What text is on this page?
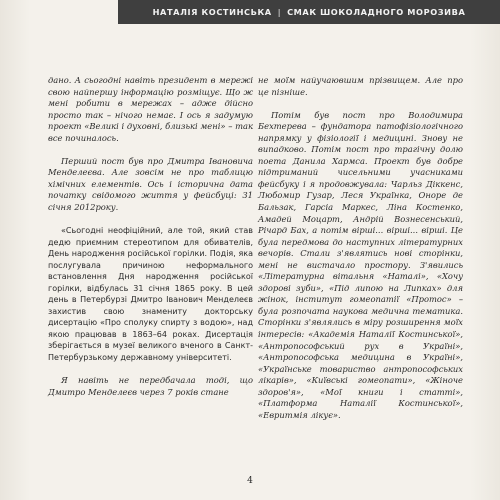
НАТАЛІЯ КОСТИНСЬКА | СМАК ШОКОЛАДНОГО МОРОЗИВА

дано. А сьогодні навіть президент в мережі свою найпершу інформацію розміщує. Що ж мені робити в мережах – адже дійсно просто так – нічого немає. І ось я задумую проект «Великі і духовні, близькі мені» – так все починалось.

Перший пост був про Дмитра Івановича Менделеєва. Але зовсім не про таблицю хімічних елементів. Ось і історична дата початку свідомого життя у фейсбуці: 31 січня 2012року.

«Сьогодні неофіційний, але той, який став дедю приємним стереотипом для обивателів, День народження російської горілки. Подія, яка послугувала причиною неформального встановлення Дня народження російської горілки, відбулась 31 січня 1865 року. В цей день в Петербурзі Дмитро Іванович Менделеєв захистив свою знамениту докторську дисертацію «Про сполуку спирту з водою», над якою працював в 1863–64 роках. Дисертація зберігається в музеї великого вченого в Санкт-Петербурзькому державному університеті.

Я навіть не передбачала тоді, що Дмитро Менделеєв через 7 років стане

не моїм найучаювшим прізвищем. Але про це пізніше.

Потім був пост про Володимира Бехтерева – фундатора патофізіологічного напрямку у фізіології і медицині. Знову не випадково. Потім пост про трагічну долю поета Данила Хармса. Проект був добре підтриманий чисельними учасниками фейсбуку і я продовжувала: Чарльз Діккенс, Любомир Гузар, Леся Українка, Оноре де Бальзак, Гарсіа Маркес, Ліна Костенко, Амадей Моцарт, Андрій Вознесенський, Річард Бах, а потім вірші... вірші... вірші. Це була передмова до наступних літературних вечорів. Стали з'являтись нові сторінки, мені не вистачало простору. З'явились «Літературна вітальня «Наталі», «Хочу здорові зуби», «Під липою на Липках» для жінок, інститут гомеопатії «Протос» – була розпочата наукова медична тематика. Сторінки з'являлись в міру розширення моїх інтересів: «Академія Наталії Костинської», «Антропософський рух в Україні», «Антропософська медицина в Україні», «Українське товариство антропософських лікарів», «Київські гомеопати», «Жіноче здоров'я», «Мої книги і статті», «Платформа Наталії Костинської», «Евритмія лікує».

4
